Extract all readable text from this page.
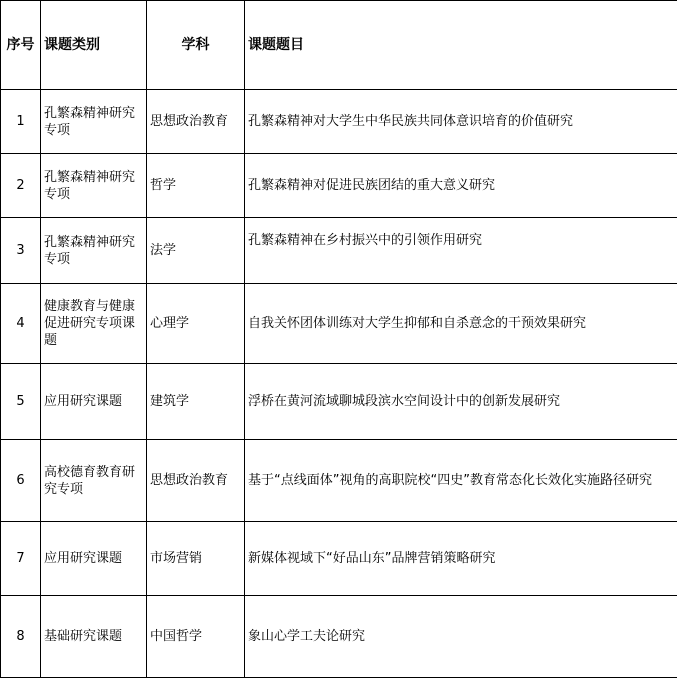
序号	课题类别	学科	课题题目
1	孔繁森精神研究专项	思想政治教育	孔繁森精神对大学生中华民族共同体意识培育的价值研究
2	孔繁森精神研究专项	哲学	孔繁森精神对促进民族团结的重大意义研究
3	孔繁森精神研究专项	法学	孔繁森精神在乡村振兴中的引领作用研究
4	健康教育与健康促进研究专项课题	心理学	自我关怀团体训练对大学生抑郁和自杀意念的干预效果研究
5	应用研究课题	建筑学	浮桥在黄河流域聊城段滨水空间设计中的创新发展研究
6	高校德育教育研究专项	思想政治教育	基于“点线面体”视角的高职院校“四史”教育常态化长效化实施路径研究
7	应用研究课题	市场营销	新媒体视域下“好品山东”品牌营销策略研究
8	基础研究课题	中国哲学	象山心学工夫论研究
